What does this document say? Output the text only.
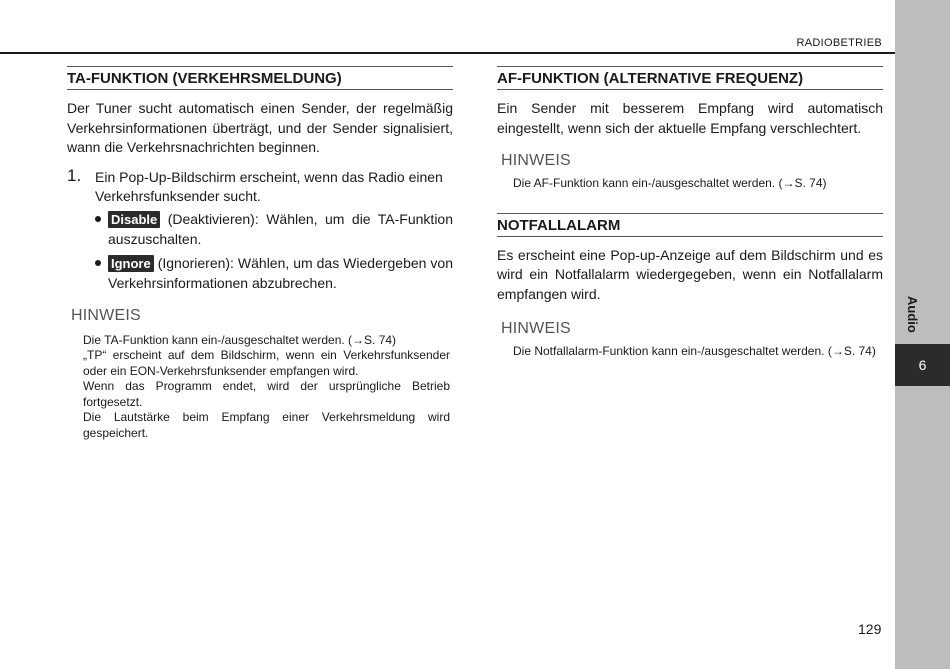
RADIOBETRIEB
Audio
6
TA-FUNKTION (VERKEHRSMELDUNG)

Der Tuner sucht automatisch einen Sender, der regelmäßig Verkehrsinformationen überträgt, und der Sender signalisiert, wann die Verkehrsnachrichten beginnen.

1. Ein Pop-Up-Bildschirm erscheint, wenn das Radio einen Verkehrsfunksender sucht.
Disable (Deaktivieren): Wählen, um die TA-Funktion auszuschalten.
Ignore (Ignorieren): Wählen, um das Wiedergeben von Verkehrsinformationen abzubrechen.
HINWEIS
Die TA-Funktion kann ein-/ausgeschaltet werden. (→S. 74)
„TP“ erscheint auf dem Bildschirm, wenn ein Verkehrsfunksender oder ein EON-Verkehrsfunksender empfangen wird.
Wenn das Programm endet, wird der ursprüngliche Betrieb fortgesetzt.
Die Lautstärke beim Empfang einer Verkehrsmeldung wird gespeichert.
AF-FUNKTION (ALTERNATIVE FREQUENZ)

Ein Sender mit besserem Empfang wird automatisch eingestellt, wenn sich der aktuelle Empfang verschlechtert.

HINWEIS
Die AF-Funktion kann ein-/ausgeschaltet werden. (→S. 74)
NOTFALLALARM

Es erscheint eine Pop-up-Anzeige auf dem Bildschirm und es wird ein Notfallalarm wiedergegeben, wenn ein Notfallalarm empfangen wird.

HINWEIS
Die Notfallalarm-Funktion kann ein-/ausgeschaltet werden. (→S. 74)
129
